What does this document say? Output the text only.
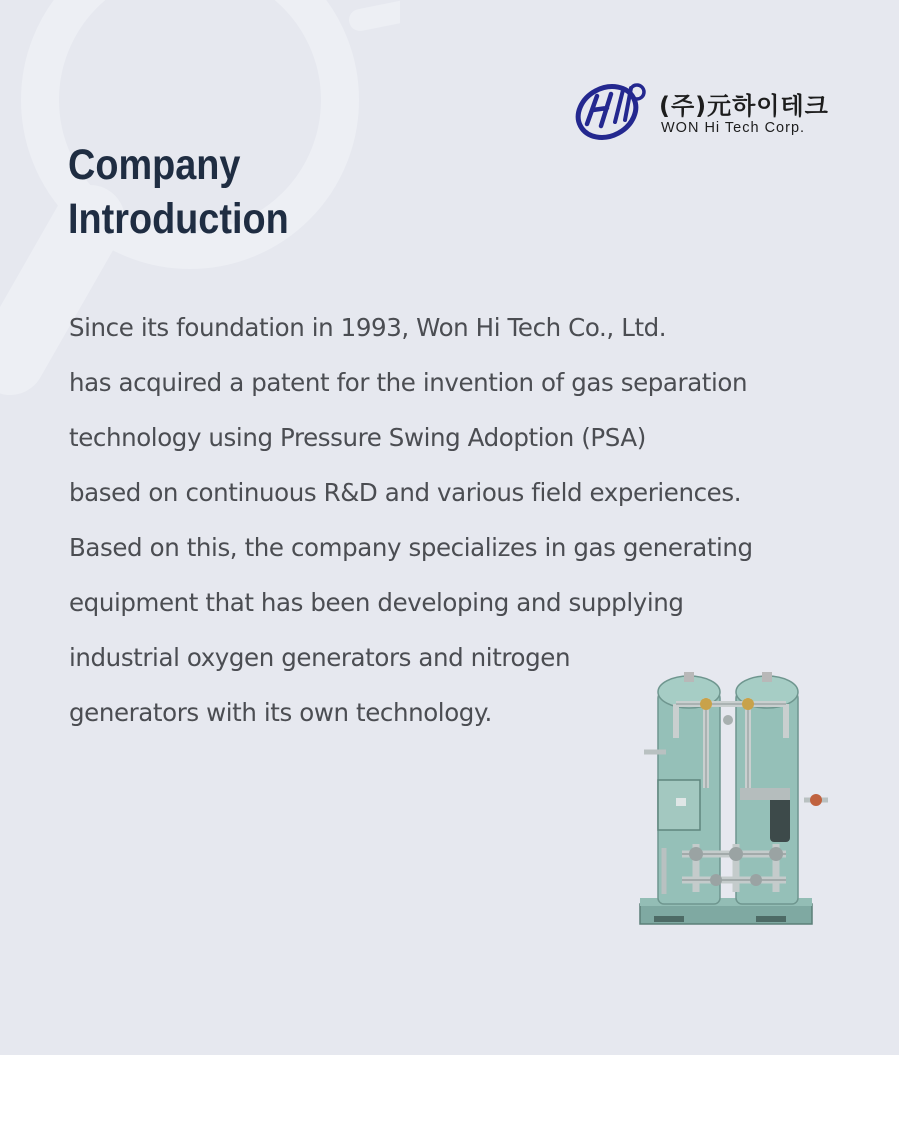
(주)元하이테크
WON Hi Tech Corp.
Company
Introduction

Since its foundation in 1993, Won Hi Tech Co., Ltd.

has acquired a patent for the invention of gas separation

technology using Pressure Swing Adoption (PSA)

based on continuous R&D and various field experiences.

Based on this, the company specializes in gas generating

equipment that has been developing and supplying

industrial oxygen generators and nitrogen

generators with its own technology.
